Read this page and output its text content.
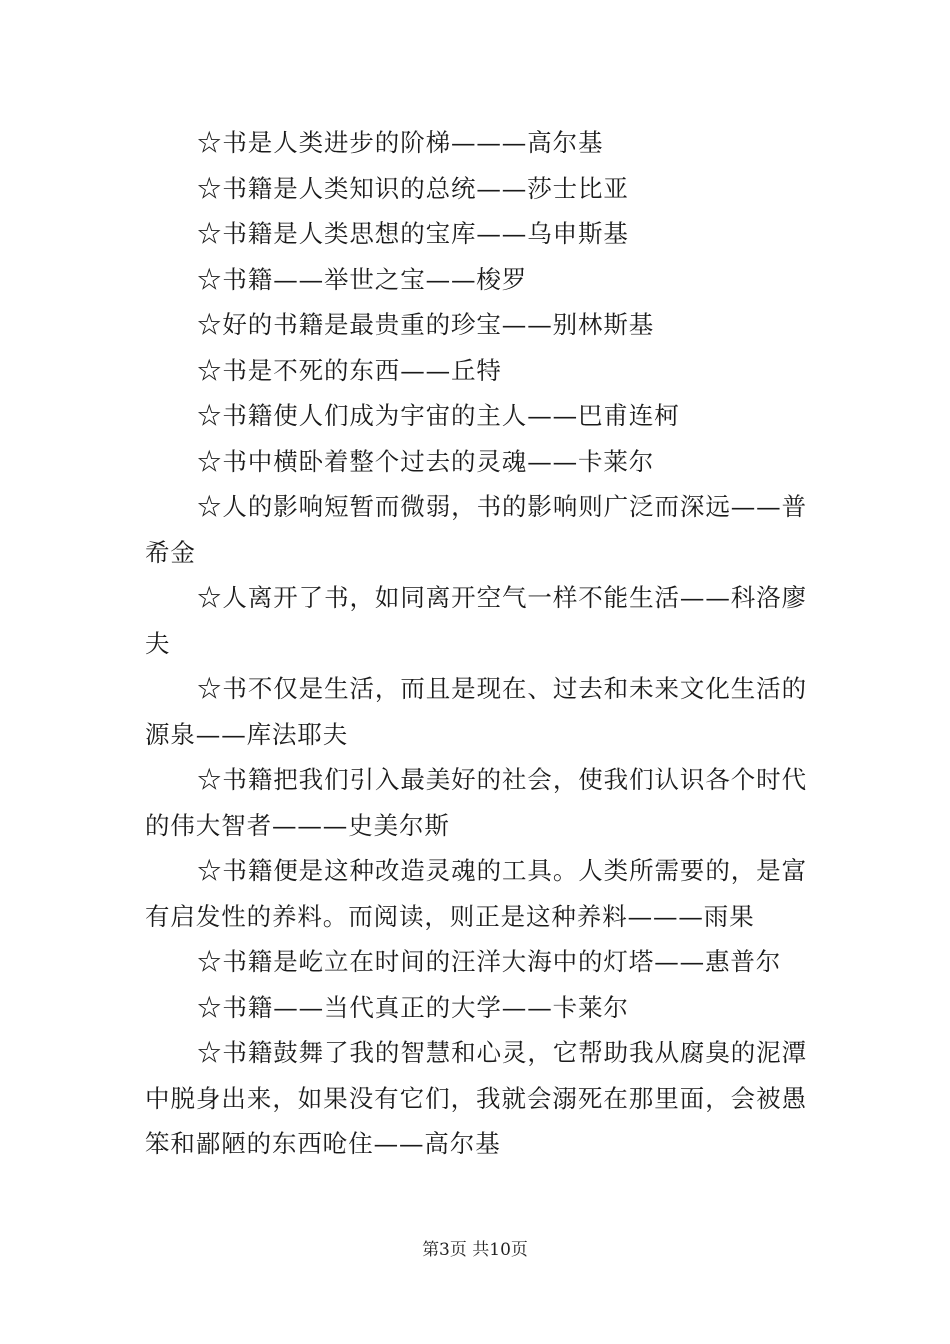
☆书是人类进步的阶梯———高尔基

☆书籍是人类知识的总统——莎士比亚

☆书籍是人类思想的宝库——乌申斯基

☆书籍——举世之宝——梭罗

☆好的书籍是最贵重的珍宝——别林斯基

☆书是不死的东西——丘特

☆书籍使人们成为宇宙的主人——巴甫连柯

☆书中横卧着整个过去的灵魂——卡莱尔

☆人的影响短暂而微弱，书的影响则广泛而深远——普希金

☆人离开了书，如同离开空气一样不能生活——科洛廖夫

☆书不仅是生活，而且是现在、过去和未来文化生活的源泉——库法耶夫

☆书籍把我们引入最美好的社会，使我们认识各个时代的伟大智者———史美尔斯

☆书籍便是这种改造灵魂的工具。人类所需要的，是富有启发性的养料。而阅读，则正是这种养料———雨果

☆书籍是屹立在时间的汪洋大海中的灯塔——惠普尔

☆书籍——当代真正的大学——卡莱尔

☆书籍鼓舞了我的智慧和心灵，它帮助我从腐臭的泥潭中脱身出来，如果没有它们，我就会溺死在那里面，会被愚笨和鄙陋的东西呛住——高尔基

第3页 共10页
